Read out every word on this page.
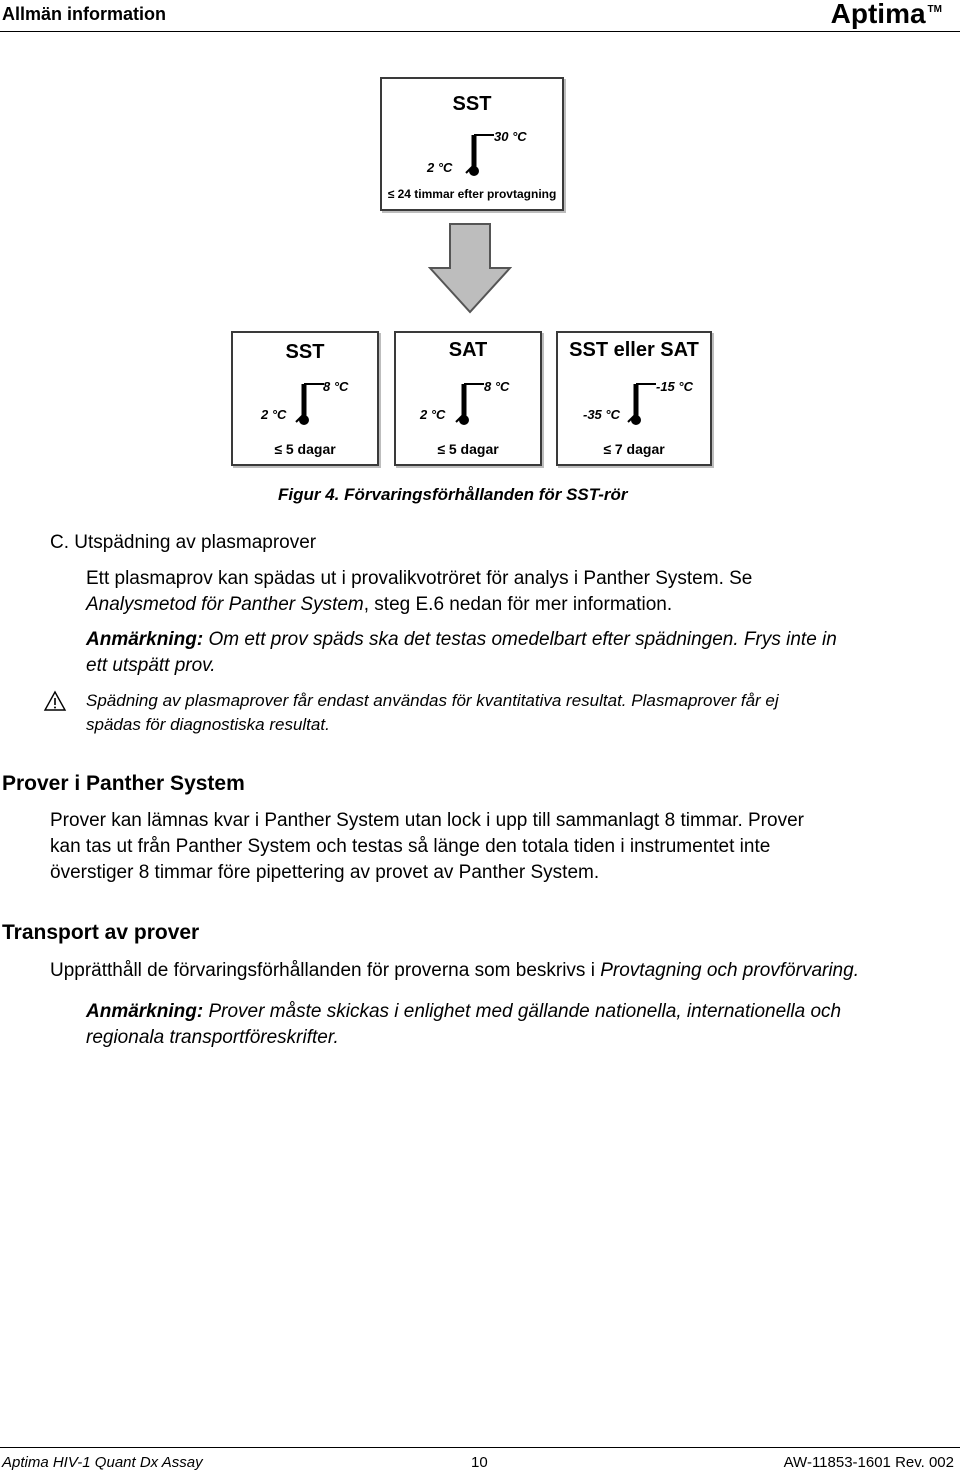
Allmän information	Aptima ™
SST
30 °C
2 °C
≤ 24 timmar efter provtagning
SST
8 °C
2 °C
≤ 5 dagar
SAT
8 °C
2 °C
≤ 5 dagar
SST eller SAT
-15 °C
-35 °C
≤ 7 dagar
Figur 4. Förvaringsförhållanden för SST-rör
C. Utspädning av plasmaprover
Ett plasmaprov kan spädas ut i provalikvotröret för analys i Panther System. Se
Analysmetod för Panther System, steg E.6 nedan för mer information.
Anmärkning: Om ett prov späds ska det testas omedelbart efter spädningen. Frys inte in
ett utspätt prov.
Spädning av plasmaprover får endast användas för kvantitativa resultat. Plasmaprover får ej
spädas för diagnostiska resultat.
Prover i Panther System
Prover kan lämnas kvar i Panther System utan lock i upp till sammanlagt 8 timmar. Prover
kan tas ut från Panther System och testas så länge den totala tiden i instrumentet inte
överstiger 8 timmar före pipettering av provet av Panther System.
Transport av prover
Upprätthåll de förvaringsförhållanden för proverna som beskrivs i Provtagning och provförvaring.
Anmärkning: Prover måste skickas i enlighet med gällande nationella, internationella och
regionala transportföreskrifter.
Aptima HIV-1 Quant Dx Assay	10	AW-11853-1601 Rev. 002
